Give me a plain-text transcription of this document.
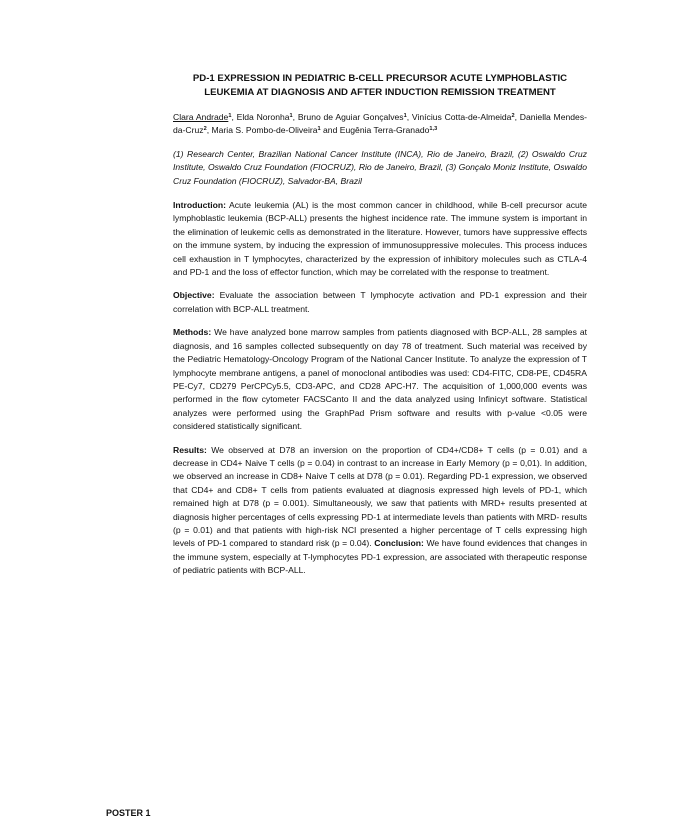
PD-1 EXPRESSION IN PEDIATRIC B-CELL PRECURSOR ACUTE LYMPHOBLASTIC
LEUKEMIA AT DIAGNOSIS AND AFTER INDUCTION REMISSION TREATMENT
Clara Andrade$^1$, Elda Noronha$^1$, Bruno de Aguiar Gonçalves$^1$, Vinícius Cotta-de-Almeida$^2$, Daniella Mendes-da-Cruz$^2$, Maria S. Pombo-de-Oliveira$^1$ and Eugênia Terra-Granado$^{1,3}$
(1) Research Center, Brazilian National Cancer Institute (INCA), Rio de Janeiro, Brazil, (2) Oswaldo Cruz Institute, Oswaldo Cruz Foundation (FIOCRUZ), Rio de Janeiro, Brazil, (3) Gonçalo Moniz Institute, Oswaldo Cruz Foundation (FIOCRUZ), Salvador-BA, Brazil
Introduction: Acute leukemia (AL) is the most common cancer in childhood, while B-cell precursor acute lymphoblastic leukemia (BCP-ALL) presents the highest incidence rate. The immune system is important in the elimination of leukemic cells as demonstrated in the literature. However, tumors have suppressive effects on the immune system, by inducing the expression of immunosuppressive molecules. This process induces cell exhaustion in T lymphocytes, characterized by the expression of inhibitory molecules such as CTLA-4 and PD-1 and the loss of effector function, which may be correlated with the response to treatment.
Objective: Evaluate the association between T lymphocyte activation and PD-1 expression and their correlation with BCP-ALL treatment.
Methods: We have analyzed bone marrow samples from patients diagnosed with BCP-ALL, 28 samples at diagnosis, and 16 samples collected subsequently on day 78 of treatment. Such material was received by the Pediatric Hematology-Oncology Program of the National Cancer Institute. To analyze the expression of T lymphocyte membrane antigens, a panel of monoclonal antibodies was used: CD4-FITC, CD8-PE, CD45RA PE-Cy7, CD279 PerCPCy5.5, CD3-APC, and CD28 APC-H7. The acquisition of 1,000,000 events was performed in the flow cytometer FACSCanto II and the data analyzed using Infinicyt software. Statistical analyzes were performed using the GraphPad Prism software and results with p-value <0.05 were considered statistically significant.
Results: We observed at D78 an inversion on the proportion of CD4+/CD8+ T cells (p = 0.01) and a decrease in CD4+ Naive T cells (p = 0.04) in contrast to an increase in Early Memory (p = 0,01). In addition, we observed an increase in CD8+ Naive T cells at D78 (p = 0.01). Regarding PD-1 expression, we observed that CD4+ and CD8+ T cells from patients evaluated at diagnosis expressed high levels of PD-1, which remained high at D78 (p = 0.001). Simultaneously, we saw that patients with MRD+ results presented at diagnosis higher percentages of cells expressing PD-1 at intermediate levels than patients with MRD- results (p = 0.01) and that patients with high-risk NCI presented a higher percentage of T cells expressing high levels of PD-1 compared to standard risk (p = 0.04). Conclusion: We have found evidences that changes in the immune system, especially at T-lymphocytes PD-1 expression, are associated with therapeutic response of pediatric patients with BCP-ALL.
POSTER 1
